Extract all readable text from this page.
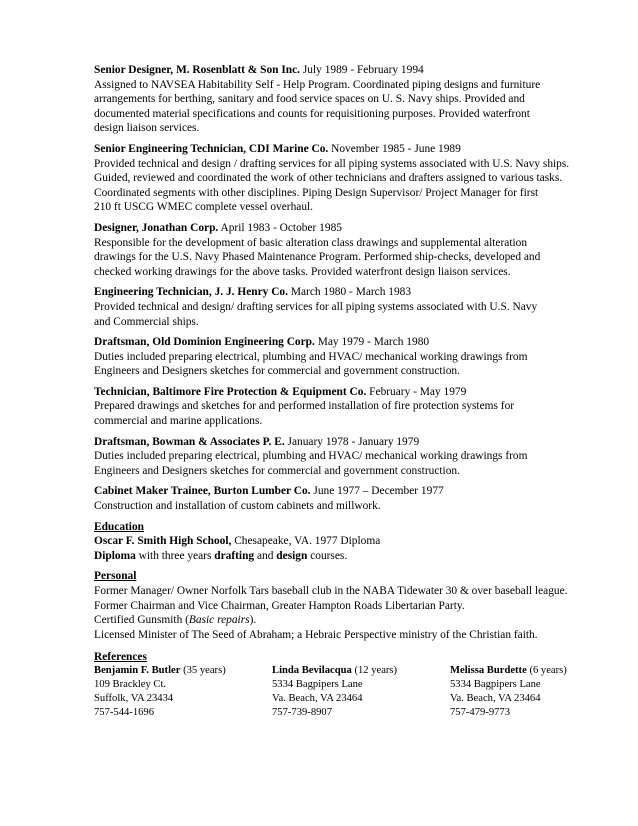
Senior Designer, M. Rosenblatt & Son Inc. July 1989 - February 1994
Assigned to NAVSEA Habitability Self - Help Program. Coordinated piping designs and furniture
arrangements for berthing, sanitary and food service spaces on U. S. Navy ships. Provided and
documented material specifications and counts for requisitioning purposes. Provided waterfront
design liaison services.
Senior Engineering Technician, CDI Marine Co. November 1985 - June 1989
Provided technical and design / drafting services for all piping systems associated with U.S. Navy ships.
Guided, reviewed and coordinated the work of other technicians and drafters assigned to various tasks.
Coordinated segments with other disciplines. Piping Design Supervisor/ Project Manager for first
210 ft USCG WMEC complete vessel overhaul.
Designer, Jonathan Corp. April 1983 - October 1985
Responsible for the development of basic alteration class drawings and supplemental alteration
drawings for the U.S. Navy Phased Maintenance Program. Performed ship-checks, developed and
checked working drawings for the above tasks. Provided waterfront design liaison services.
Engineering Technician, J. J. Henry Co. March 1980 - March 1983
Provided technical and design/ drafting services for all piping systems associated with U.S. Navy
and Commercial ships.
Draftsman, Old Dominion Engineering Corp. May 1979 - March 1980
Duties included preparing electrical, plumbing and HVAC/ mechanical working drawings from
Engineers and Designers sketches for commercial and government construction.
Technician, Baltimore Fire Protection & Equipment Co. February - May 1979
Prepared drawings and sketches for and performed installation of fire protection systems for
commercial and marine applications.
Draftsman, Bowman & Associates P. E. January 1978 - January 1979
Duties included preparing electrical, plumbing and HVAC/ mechanical working drawings from
Engineers and Designers sketches for commercial and government construction.
Cabinet Maker Trainee, Burton Lumber Co. June 1977 – December 1977
Construction and installation of custom cabinets and millwork.
Education
Oscar F. Smith High School, Chesapeake, VA. 1977 Diploma
Diploma with three years drafting and design courses.
Personal
Former Manager/ Owner Norfolk Tars baseball club in the NABA Tidewater 30 & over baseball league.
Former Chairman and Vice Chairman, Greater Hampton Roads Libertarian Party.
Certified Gunsmith (Basic repairs).
Licensed Minister of The Seed of Abraham; a Hebraic Perspective ministry of the Christian faith.
References
Benjamin F. Butler (35 years)
109 Brackley Ct.
Suffolk, VA 23434
757-544-1696
Linda Bevilacqua (12 years)
5334 Bagpipers Lane
Va. Beach, VA 23464
757-739-8907
Melissa Burdette (6 years)
5334 Bagpipers Lane
Va. Beach, VA 23464
757-479-9773
